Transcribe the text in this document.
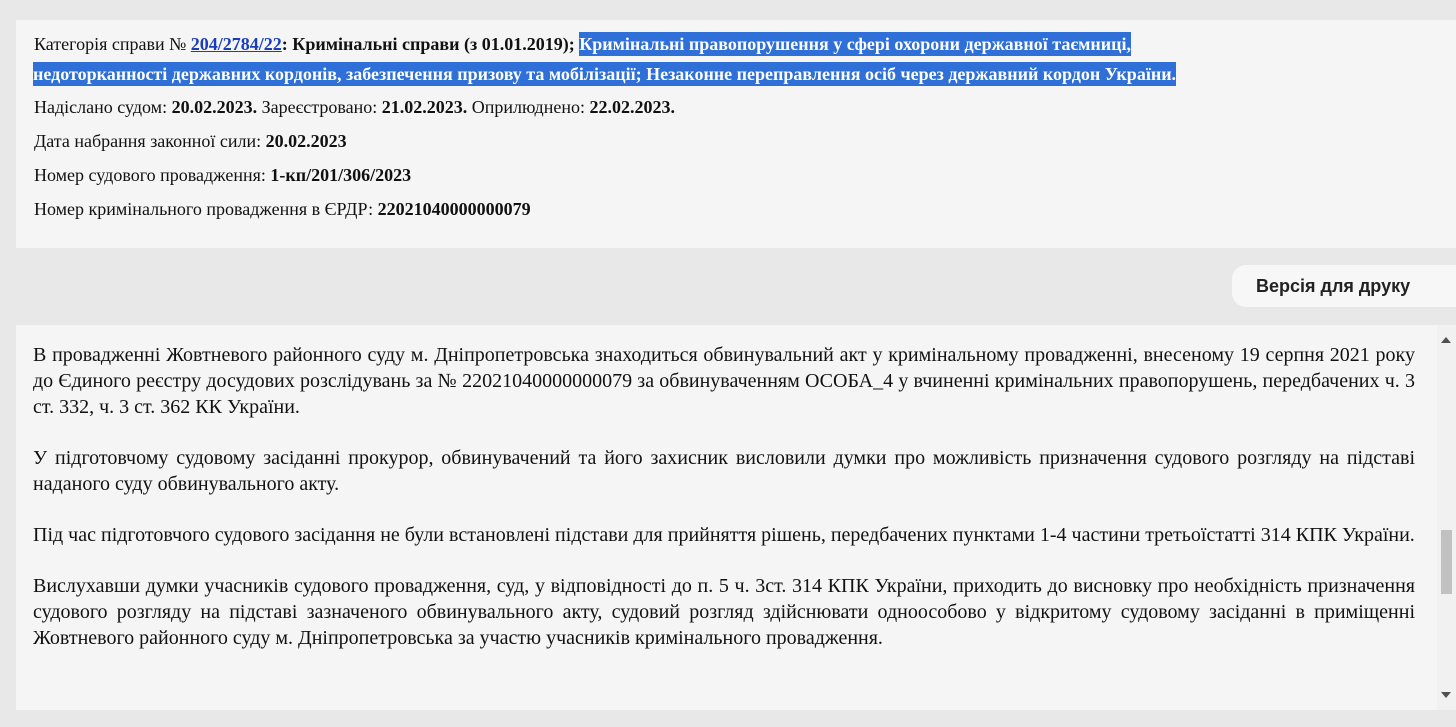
Категорія справи № 204/2784/22: Кримінальні справи (з 01.01.2019); Кримінальні правопорушення у сфері охорони державної таємниці,
недоторканності державних кордонів, забезпечення призову та мобілізації; Незаконне переправлення осіб через державний кордон України.
Надіслано судом: 20.02.2023. Зареєстровано: 21.02.2023. Оприлюднено: 22.02.2023.
Дата набрання законної сили: 20.02.2023
Номер судового провадження: 1-кп/201/306/2023
Номер кримінального провадження в ЄРДР: 22021040000000079
Версія для друку

В провадженні Жовтневого районного суду м. Дніпропетровська знаходиться обвинувальний акт у кримінальному провадженні, внесеному 19 серпня 2021 року до Єдиного реєстру досудових розслідувань за № 22021040000000079 за обвинуваченням ОСОБА_4 у вчиненні кримінальних правопорушень, передбачених ч. 3 ст. 332, ч. 3 ст. 362 КК України.

У підготовчому судовому засіданні прокурор, обвинувачений та його захисник висловили думки про можливість призначення судового розгляду на підставі наданого суду обвинувального акту.

Під час підготовчого судового засідання не були встановлені підстави для прийняття рішень, передбачених пунктами 1-4 частини третьоїстатті 314 КПК України.

Вислухавши думки учасників судового провадження, суд, у відповідності до п. 5 ч. 3ст. 314 КПК України, приходить до висновку про необхідність призначення судового розгляду на підставі зазначеного обвинувального акту, судовий розгляд здійснювати одноособово у відкритому судовому засіданні в приміщенні Жовтневого районного суду м. Дніпропетровська за участю учасників кримінального провадження.
